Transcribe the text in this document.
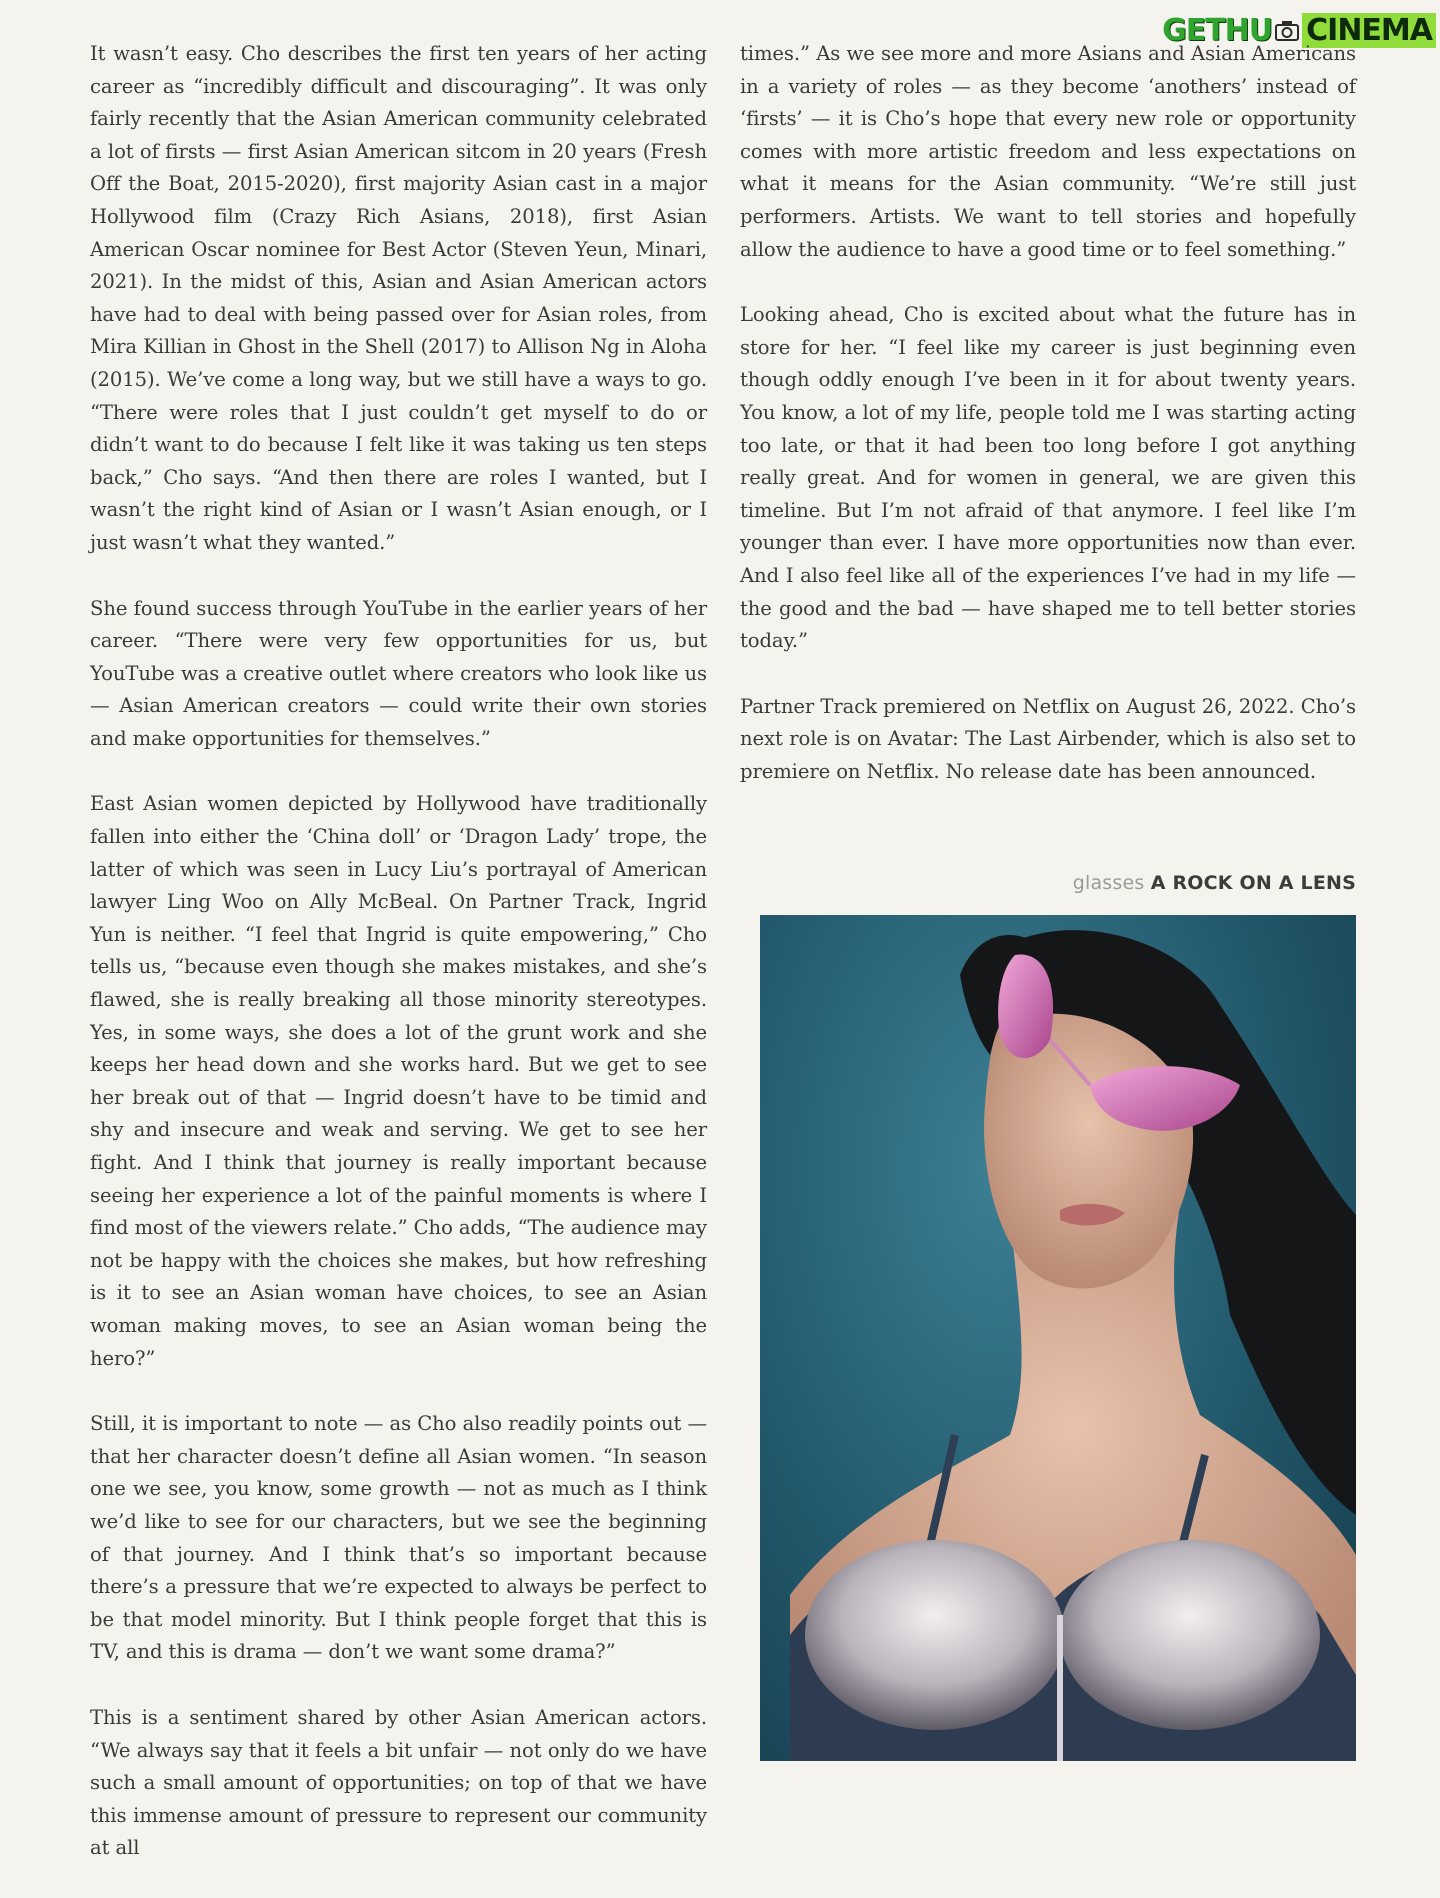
GETHU CINEMA

It wasn’t easy. Cho describes the first ten years of her acting career as “incredibly difficult and discouraging”. It was only fairly recently that the Asian American community celebrated a lot of firsts — first Asian American sitcom in 20 years (Fresh Off the Boat, 2015-2020), first majority Asian cast in a major Hollywood film (Crazy Rich Asians, 2018), first Asian American Oscar nominee for Best Actor (Steven Yeun, Minari, 2021). In the midst of this, Asian and Asian American actors have had to deal with being passed over for Asian roles, from Mira Killian in Ghost in the Shell (2017) to Allison Ng in Aloha (2015). We’ve come a long way, but we still have a ways to go. “There were roles that I just couldn’t get myself to do or didn’t want to do because I felt like it was taking us ten steps back,” Cho says. “And then there are roles I wanted, but I wasn’t the right kind of Asian or I wasn’t Asian enough, or I just wasn’t what they wanted.”

She found success through YouTube in the earlier years of her career. “There were very few opportunities for us, but YouTube was a creative outlet where creators who look like us — Asian American creators — could write their own stories and make opportunities for themselves.”

East Asian women depicted by Hollywood have traditionally fallen into either the ‘China doll’ or ‘Dragon Lady’ trope, the latter of which was seen in Lucy Liu’s portrayal of American lawyer Ling Woo on Ally McBeal. On Partner Track, Ingrid Yun is neither. “I feel that Ingrid is quite empowering,” Cho tells us, “because even though she makes mistakes, and she’s flawed, she is really breaking all those minority stereotypes. Yes, in some ways, she does a lot of the grunt work and she keeps her head down and she works hard. But we get to see her break out of that — Ingrid doesn’t have to be timid and shy and insecure and weak and serving. We get to see her fight. And I think that journey is really important because seeing her experience a lot of the painful moments is where I find most of the viewers relate.” Cho adds, “The audience may not be happy with the choices she makes, but how refreshing is it to see an Asian woman have choices, to see an Asian woman making moves, to see an Asian woman being the hero?”

Still, it is important to note — as Cho also readily points out — that her character doesn’t define all Asian women. “In season one we see, you know, some growth — not as much as I think we’d like to see for our characters, but we see the beginning of that journey. And I think that’s so important because there’s a pressure that we’re expected to always be perfect to be that model minority. But I think people forget that this is TV, and this is drama — don’t we want some drama?”

This is a sentiment shared by other Asian American actors. “We always say that it feels a bit unfair — not only do we have such a small amount of opportunities; on top of that we have this immense amount of pressure to represent our community at all

times.” As we see more and more Asians and Asian Americans in a variety of roles — as they become ‘anothers’ instead of ‘firsts’ — it is Cho’s hope that every new role or opportunity comes with more artistic freedom and less expectations on what it means for the Asian community. “We’re still just performers. Artists. We want to tell stories and hopefully allow the audience to have a good time or to feel something.”

Looking ahead, Cho is excited about what the future has in store for her. “I feel like my career is just beginning even though oddly enough I’ve been in it for about twenty years. You know, a lot of my life, people told me I was starting acting too late, or that it had been too long before I got anything really great. And for women in general, we are given this timeline. But I’m not afraid of that anymore. I feel like I’m younger than ever. I have more opportunities now than ever. And I also feel like all of the experiences I’ve had in my life — the good and the bad — have shaped me to tell better stories today.”

Partner Track premiered on Netflix on August 26, 2022. Cho’s next role is on Avatar: The Last Airbender, which is also set to premiere on Netflix. No release date has been announced.

glasses A ROCK ON A LENS
